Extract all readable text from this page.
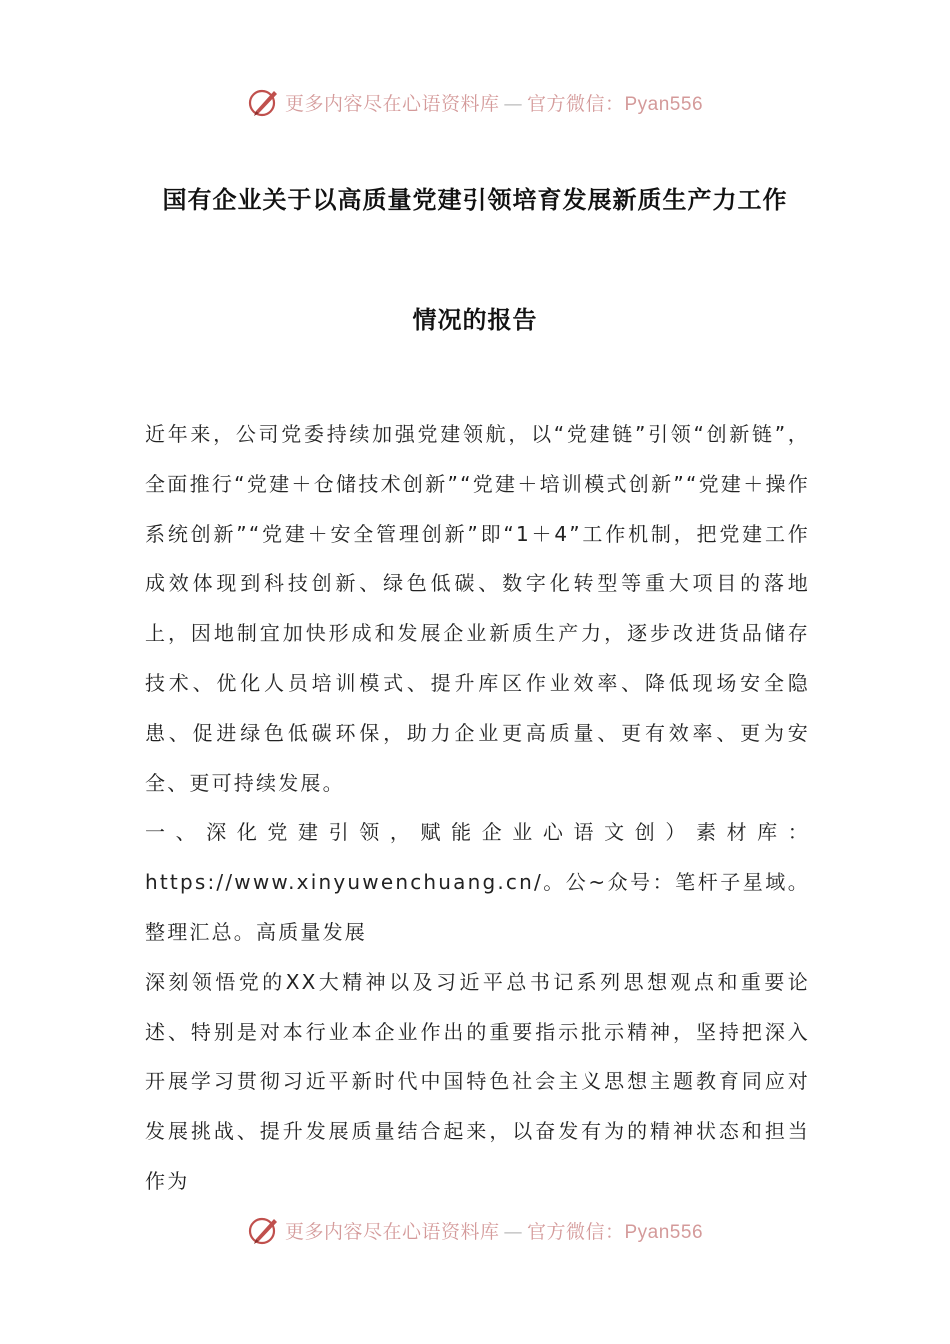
更多内容尽在心语资料库 — 官方微信：Pyan556
国有企业关于以高质量党建引领培育发展新质生产力工作
情况的报告

近年来，公司党委持续加强党建领航，以“党建链”引领“创新链”，全面推行“党建＋仓储技术创新”“党建＋培训模式创新”“党建＋操作系统创新”“党建＋安全管理创新”即“1＋4”工作机制，把党建工作成效体现到科技创新、绿色低碳、数字化转型等重大项目的落地上，因地制宜加快形成和发展企业新质生产力，逐步改进货品储存技术、优化人员培训模式、提升库区作业效率、降低现场安全隐患、促进绿色低碳环保，助力企业更高质量、更有效率、更为安全、更可持续发展。

一、深化党建引领，赋能企业心语文创）素材库：https://www.xinyuwenchuang.cn/。公~众号：笔杆子星域。整理汇总。高质量发展

深刻领悟党的XX大精神以及习近平总书记系列思想观点和重要论述、特别是对本行业本企业作出的重要指示批示精神，坚持把深入开展学习贯彻习近平新时代中国特色社会主义思想主题教育同应对发展挑战、提升发展质量结合起来，以奋发有为的精神状态和担当作为

更多内容尽在心语资料库 — 官方微信：Pyan556
